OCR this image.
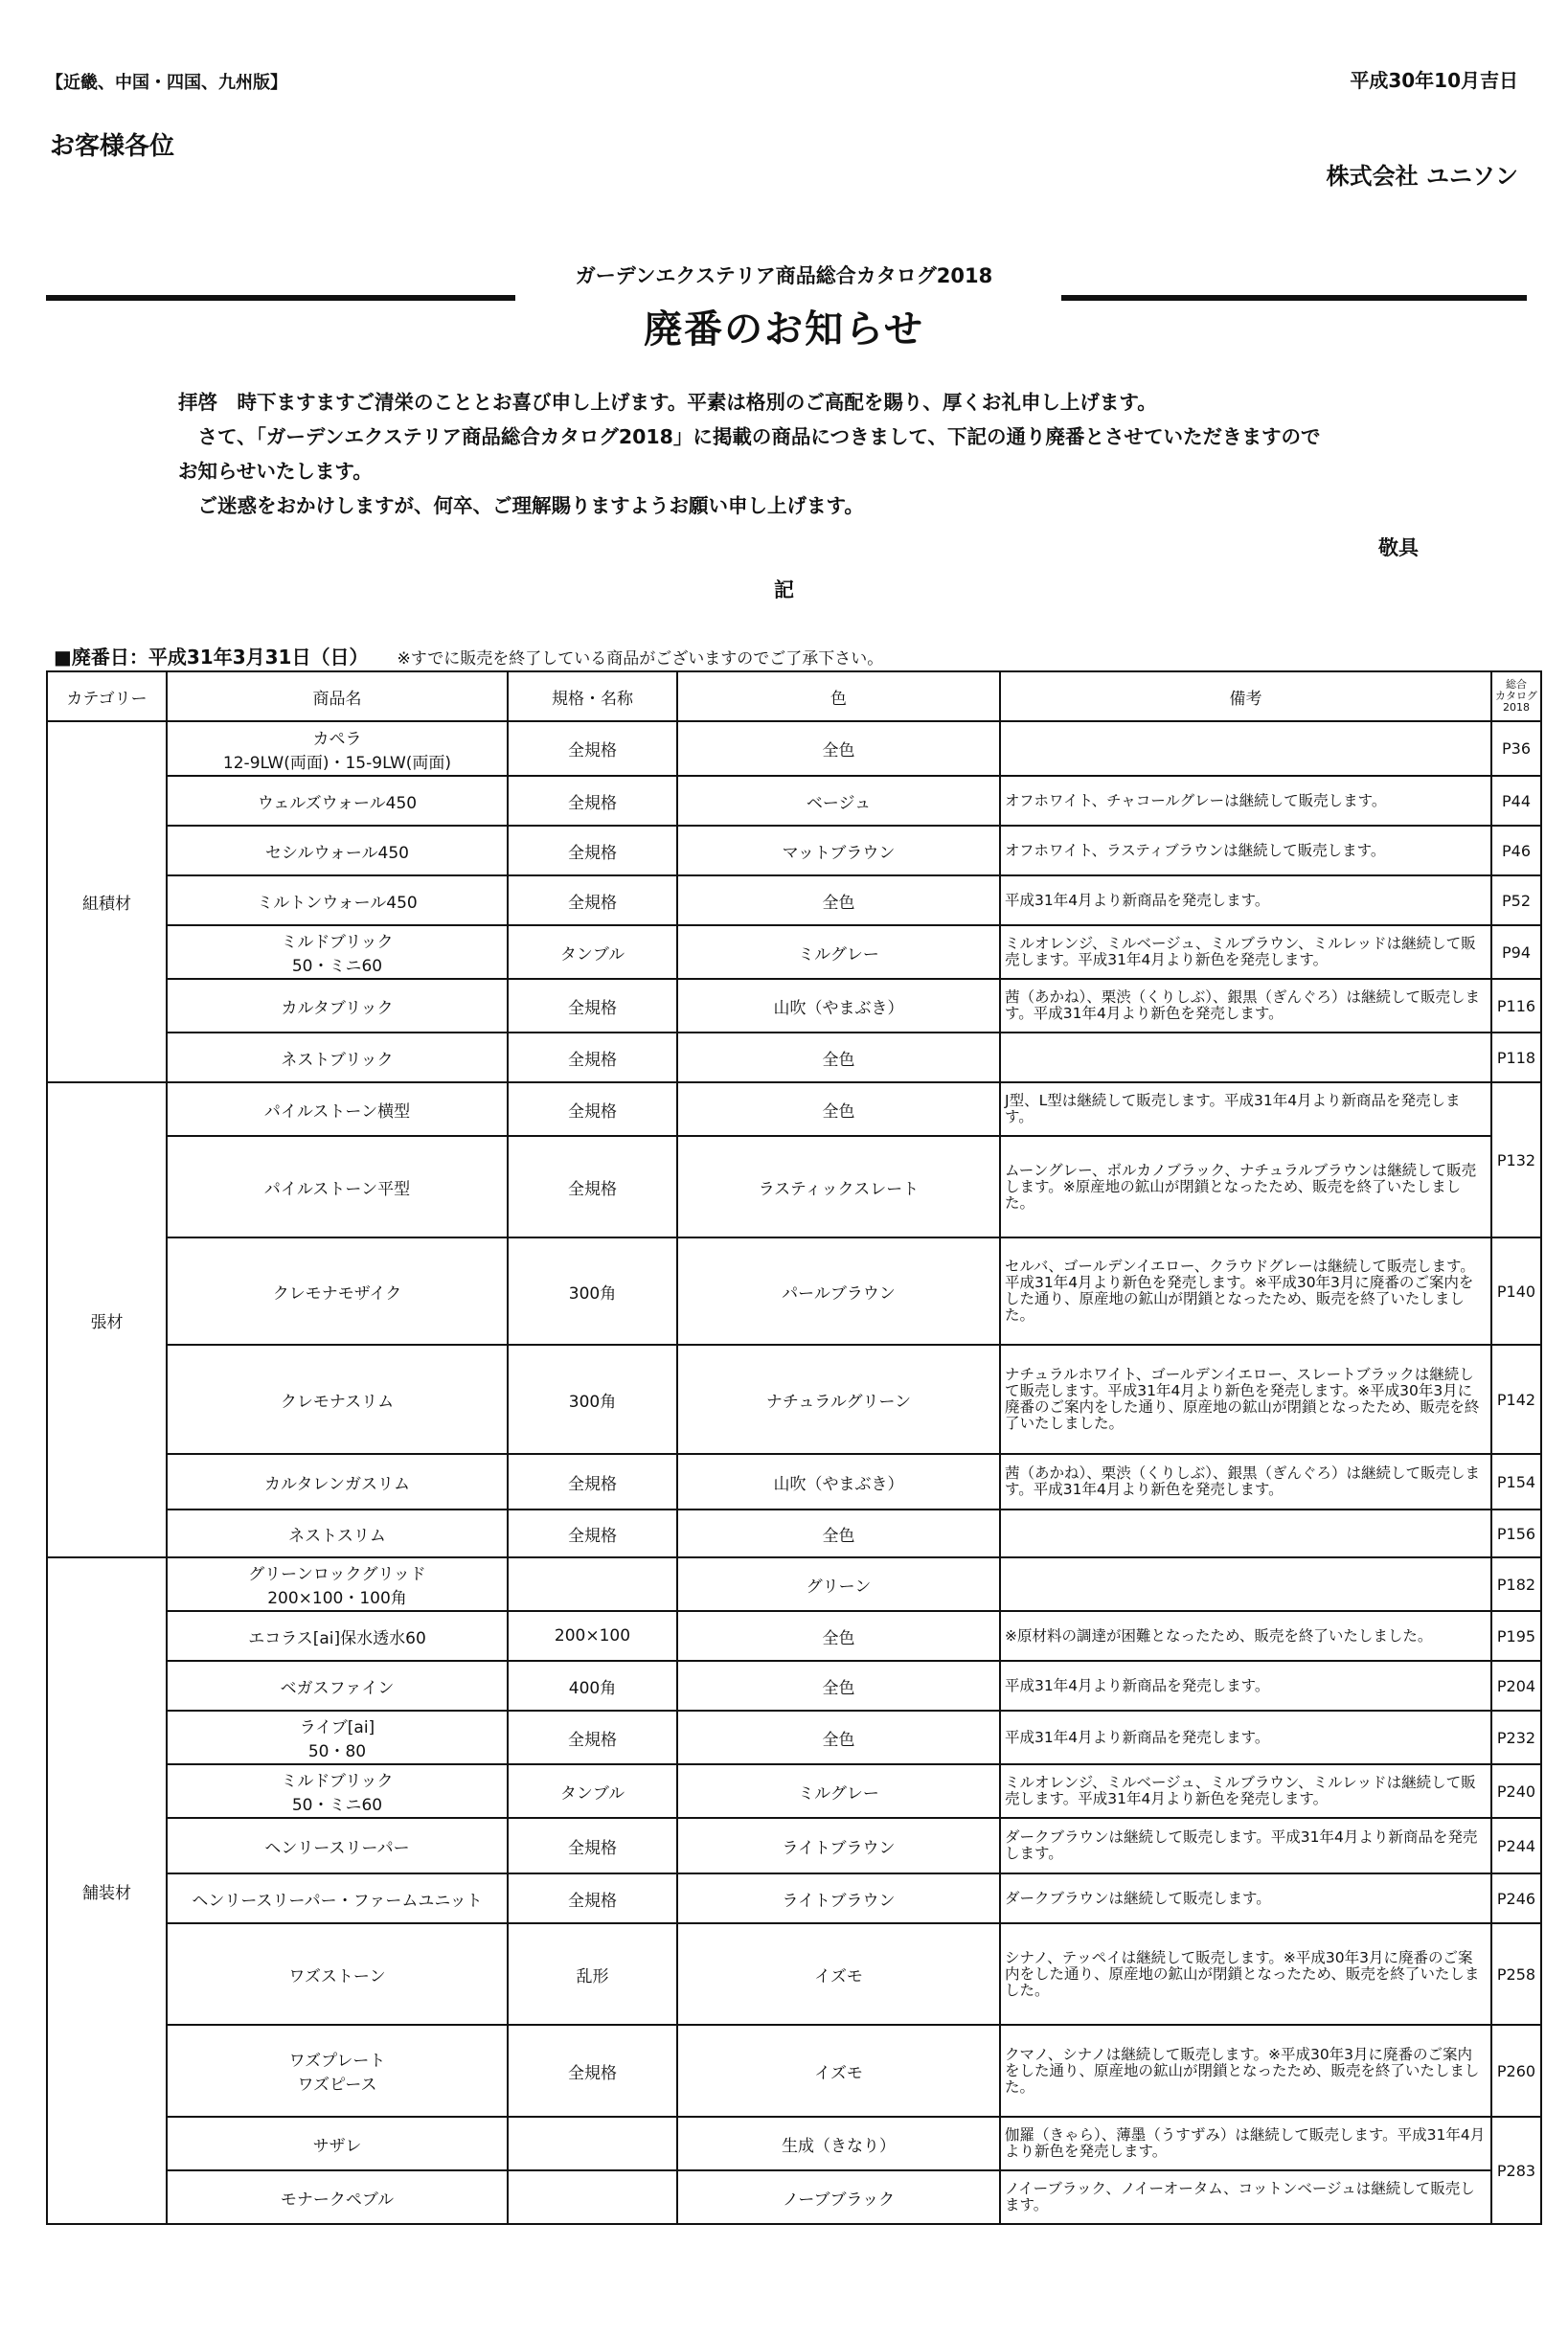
【近畿、中国・四国、九州版】	平成30年10月吉日
お客様各位
株式会社 ユニソン
ガーデンエクステリア商品総合カタログ2018
廃番のお知らせ

拝啓　時下ますますご清栄のこととお喜び申し上げます。平素は格別のご高配を賜り、厚くお礼申し上げます。

　さて、「ガーデンエクステリア商品総合カタログ2018」に掲載の商品につきまして、下記の通り廃番とさせていただきますので

お知らせいたします。

　ご迷惑をおかけしますが、何卒、ご理解賜りますようお願い申し上げます。

敬具
記
■廃番日：平成31年3月31日（日） ※すでに販売を終了している商品がございますのでご了承下さい。
カテゴリー	商品名	規格・名称	色	備考	総合
カタログ
2018

組積材	カペラ
12-9LW(両面)・15-9LW(両面)	全規格	全色		P36
	ウェルズウォール450	全規格	ベージュ	オフホワイト、チャコールグレーは継続して販売します。	P44
	セシルウォール450	全規格	マットブラウン	オフホワイト、ラスティブラウンは継続して販売します。	P46
	ミルトンウォール450	全規格	全色	平成31年4月より新商品を発売します。	P52

	ミルドブリック
50・ミニ60	タンブル	ミルグレー	ミルオレンジ、ミルベージュ、ミルブラウン、ミルレッドは継続して販売します。平成31年4月より新色を発売します。	P94
	カルタブリック	全規格	山吹（やまぶき）	茜（あかね）、栗渋（くりしぶ）、銀黒（ぎんぐろ）は継続して販売します。平成31年4月より新色を発売します。	P116
	ネストブリック	全規格	全色		P118
張材	パイルストーン横型	全規格	全色	J型、L型は継続して販売します。平成31年4月より新商品を発売します。	P132
	パイルストーン平型	全規格	ラスティックスレート	ムーングレー、ボルカノブラック、ナチュラルブラウンは継続して販売します。※原産地の鉱山が閉鎖となったため、販売を終了いたしました。	
	クレモナモザイク	300角	パールブラウン	セルバ、ゴールデンイエロー、クラウドグレーは継続して販売します。平成31年4月より新色を発売します。※平成30年3月に廃番のご案内をした通り、原産地の鉱山が閉鎖となったため、販売を終了いたしました。	P140
	クレモナスリム	300角	ナチュラルグリーン	ナチュラルホワイト、ゴールデンイエロー、スレートブラックは継続して販売します。平成31年4月より新色を発売します。※平成30年3月に廃番のご案内をした通り、原産地の鉱山が閉鎖となったため、販売を終了いたしました。	P142
	カルタレンガスリム	全規格	山吹（やまぶき）	茜（あかね）、栗渋（くりしぶ）、銀黒（ぎんぐろ）は継続して販売します。平成31年4月より新色を発売します。	P154
	ネストスリム	全規格	全色		P156
舗装材	グリーンロックグリッド
200×100・100角		グリーン		P182
	エコラス[ai]保水透水60	200×100	全色	※原材料の調達が困難となったため、販売を終了いたしました。	P195
	ベガスファイン	400角	全色	平成31年4月より新商品を発売します。	P204

	ライブ[ai]
50・80	全規格	全色	平成31年4月より新商品を発売します。	P232

	ミルドブリック
50・ミニ60	タンブル	ミルグレー	ミルオレンジ、ミルベージュ、ミルブラウン、ミルレッドは継続して販売します。平成31年4月より新色を発売します。	P240
	ヘンリースリーパー	全規格	ライトブラウン	ダークブラウンは継続して販売します。平成31年4月より新商品を発売します。	P244
	ヘンリースリーパー・ファームユニット	全規格	ライトブラウン	ダークブラウンは継続して販売します。	P246
	ワズストーン	乱形	イズモ	シナノ、テッペイは継続して販売します。※平成30年3月に廃番のご案内をした通り、原産地の鉱山が閉鎖となったため、販売を終了いたしました。	P258

	ワズプレート
ワズピース	全規格	イズモ	クマノ、シナノは継続して販売します。※平成30年3月に廃番のご案内をした通り、原産地の鉱山が閉鎖となったため、販売を終了いたしました。	P260
	サザレ		生成（きなり）	伽羅（きゃら）、薄墨（うすずみ）は継続して販売します。平成31年4月より新色を発売します。	P283
	モナークペブル		ノーブブラック	ノイーブラック、ノイーオータム、コットンベージュは継続して販売します。	
